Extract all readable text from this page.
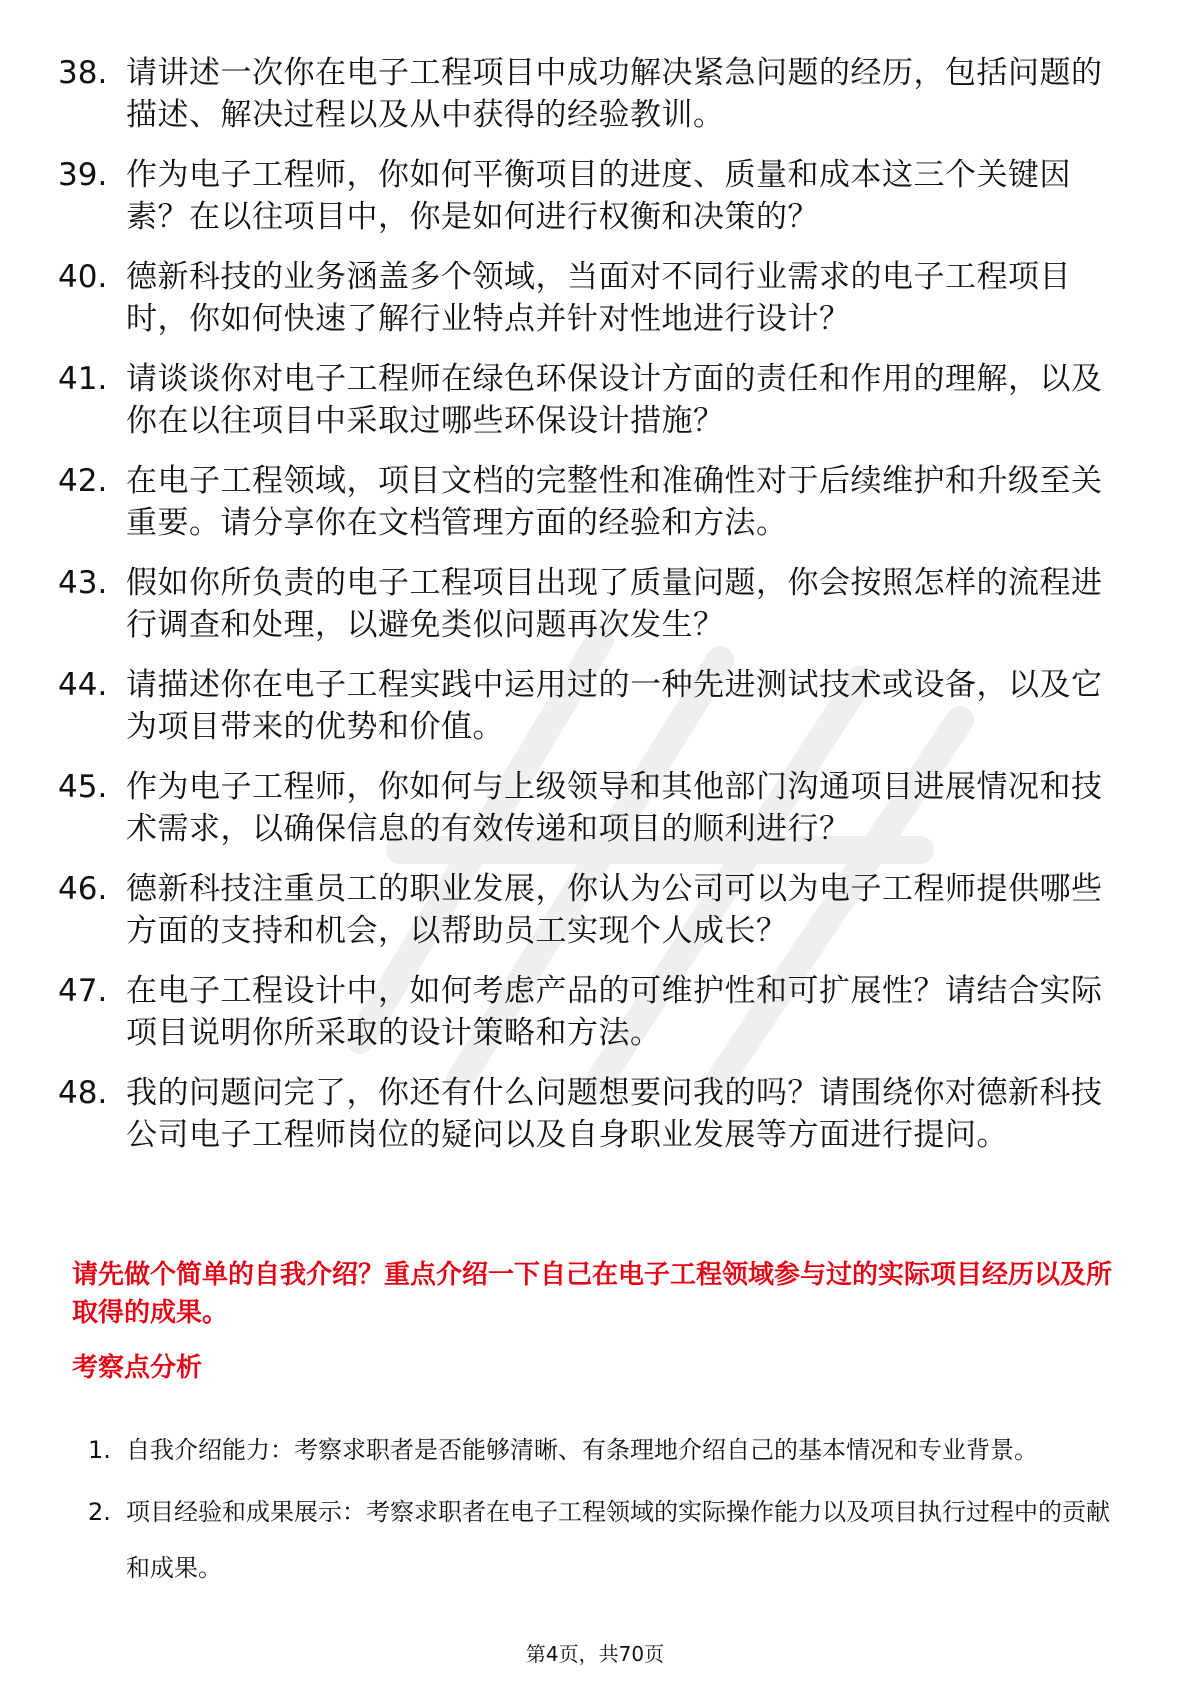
38. 请讲述一次你在电子工程项目中成功解决紧急问题的经历，包括问题的描述、解决过程以及从中获得的经验教训。
39. 作为电子工程师，你如何平衡项目的进度、质量和成本这三个关键因素？在以往项目中，你是如何进行权衡和决策的？
40. 德新科技的业务涵盖多个领域，当面对不同行业需求的电子工程项目时，你如何快速了解行业特点并针对性地进行设计？
41. 请谈谈你对电子工程师在绿色环保设计方面的责任和作用的理解，以及你在以往项目中采取过哪些环保设计措施？
42. 在电子工程领域，项目文档的完整性和准确性对于后续维护和升级至关重要。请分享你在文档管理方面的经验和方法。
43. 假如你所负责的电子工程项目出现了质量问题，你会按照怎样的流程进行调查和处理，以避免类似问题再次发生？
44. 请描述你在电子工程实践中运用过的一种先进测试技术或设备，以及它为项目带来的优势和价值。
45. 作为电子工程师，你如何与上级领导和其他部门沟通项目进展情况和技术需求，以确保信息的有效传递和项目的顺利进行？
46. 德新科技注重员工的职业发展，你认为公司可以为电子工程师提供哪些方面的支持和机会，以帮助员工实现个人成长？
47. 在电子工程设计中，如何考虑产品的可维护性和可扩展性？请结合实际项目说明你所采取的设计策略和方法。
48. 我的问题问完了，你还有什么问题想要问我的吗？请围绕你对德新科技公司电子工程师岗位的疑问以及自身职业发展等方面进行提问。

请先做个简单的自我介绍？重点介绍一下自己在电子工程领域参与过的实际项目经历以及所取得的成果。

考察点分析
1. 自我介绍能力：考察求职者是否能够清晰、有条理地介绍自己的基本情况和专业背景。
2. 项目经验和成果展示：考察求职者在电子工程领域的实际操作能力以及项目执行过程中的贡献和成果。
第4页，共70页
